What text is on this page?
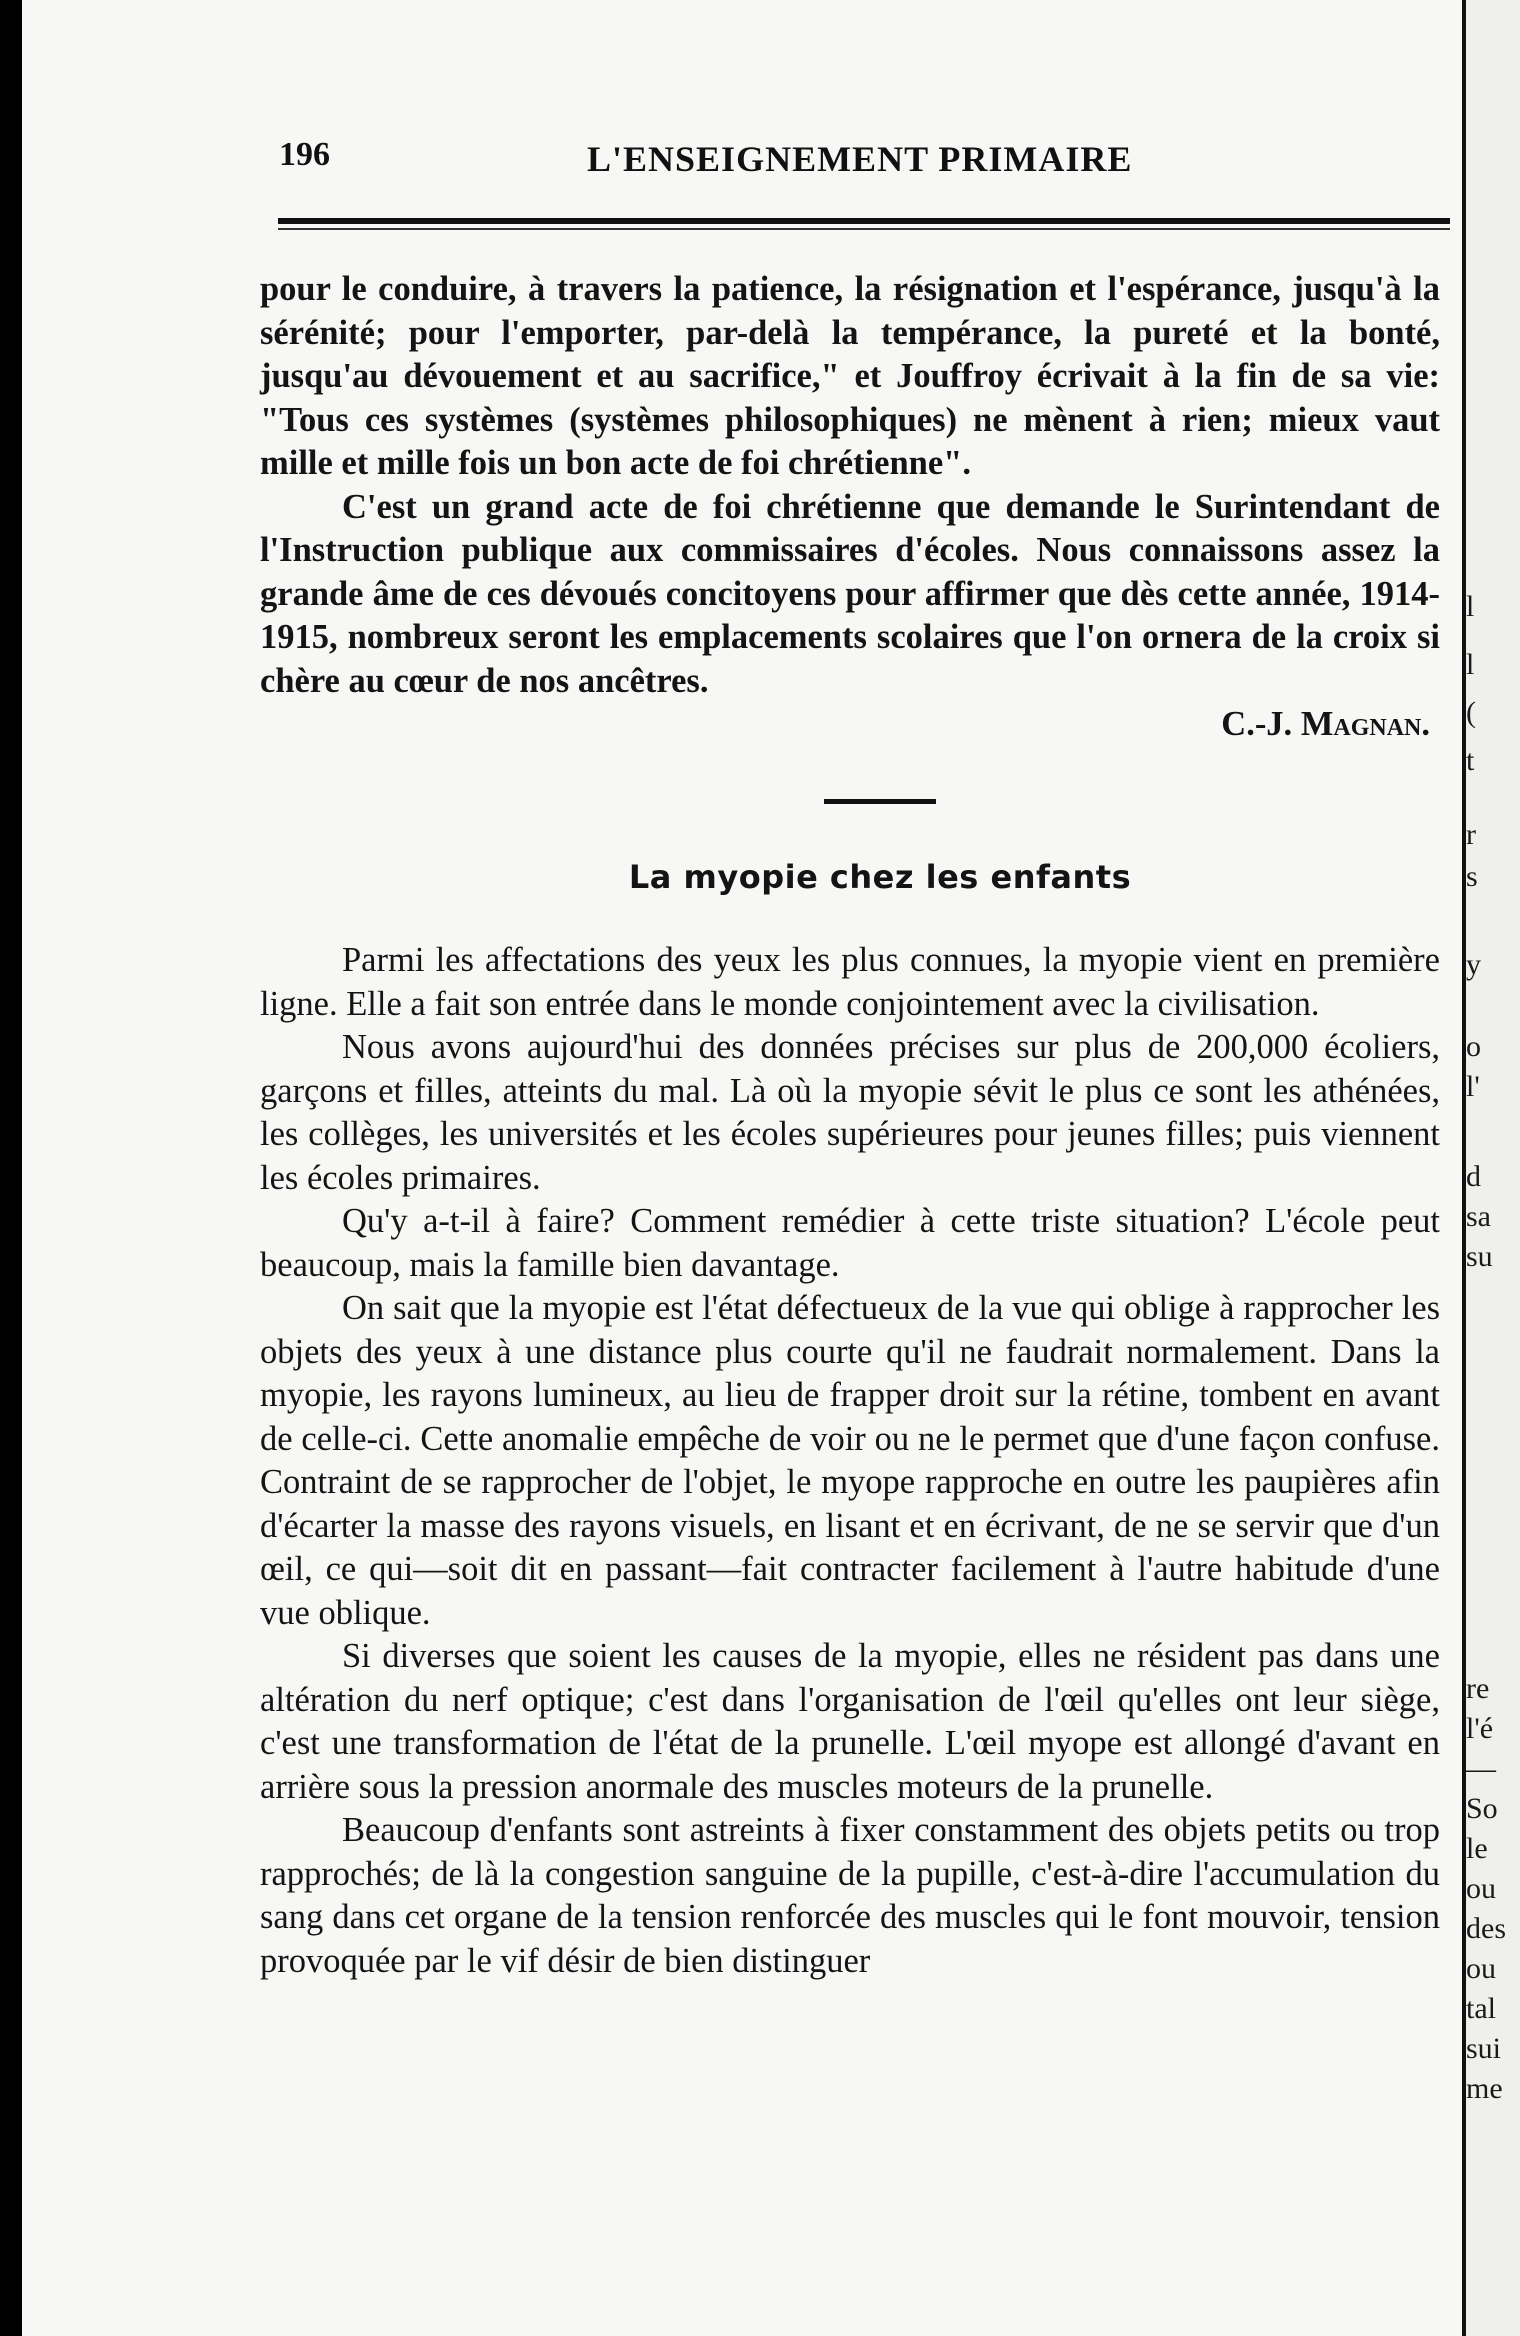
196	L'ENSEIGNEMENT PRIMAIRE

pour le conduire, à travers la patience, la résignation et l'espérance, jusqu'à la sérénité; pour l'emporter, par-delà la tempérance, la pureté et la bonté, jusqu'au dévouement et au sacrifice," et Jouffroy écrivait à la fin de sa vie: "Tous ces systèmes (systèmes philosophiques) ne mènent à rien; mieux vaut mille et mille fois un bon acte de foi chrétienne".

C'est un grand acte de foi chrétienne que demande le Surintendant de l'Instruction publique aux commissaires d'écoles. Nous connaissons assez la grande âme de ces dévoués concitoyens pour affirmer que dès cette année, 1914-1915, nombreux seront les emplacements scolaires que l'on ornera de la croix si chère au cœur de nos ancêtres.

C.-J. Magnan.

La myopie chez les enfants

Parmi les affectations des yeux les plus connues, la myopie vient en première ligne. Elle a fait son entrée dans le monde conjointement avec la civilisation.

Nous avons aujourd'hui des données précises sur plus de 200,000 écoliers, garçons et filles, atteints du mal. Là où la myopie sévit le plus ce sont les athénées, les collèges, les universités et les écoles supérieures pour jeunes filles; puis viennent les écoles primaires.

Qu'y a-t-il à faire? Comment remédier à cette triste situation? L'école peut beaucoup, mais la famille bien davantage.

On sait que la myopie est l'état défectueux de la vue qui oblige à rapprocher les objets des yeux à une distance plus courte qu'il ne faudrait normalement. Dans la myopie, les rayons lumineux, au lieu de frapper droit sur la rétine, tombent en avant de celle-ci. Cette anomalie empêche de voir ou ne le permet que d'une façon confuse. Contraint de se rapprocher de l'objet, le myope rapproche en outre les paupières afin d'écarter la masse des rayons visuels, en lisant et en écrivant, de ne se servir que d'un œil, ce qui—soit dit en passant—fait contracter facilement à l'autre habitude d'une vue oblique.

Si diverses que soient les causes de la myopie, elles ne résident pas dans une altération du nerf optique; c'est dans l'organisation de l'œil qu'elles ont leur siège, c'est une transformation de l'état de la prunelle. L'œil myope est allongé d'avant en arrière sous la pression anormale des muscles moteurs de la prunelle.

Beaucoup d'enfants sont astreints à fixer constamment des objets petits ou trop rapprochés; de là la congestion sanguine de la pupille, c'est-à-dire l'accumulation du sang dans cet organe de la tension renforcée des muscles qui le font mouvoir, tension provoquée par le vif désir de bien distinguer

l
l
(
t
r
s
y
o
l'
d
sa
su
re
l'é
—
So
le
ou
des
ou
tal
sui
me
